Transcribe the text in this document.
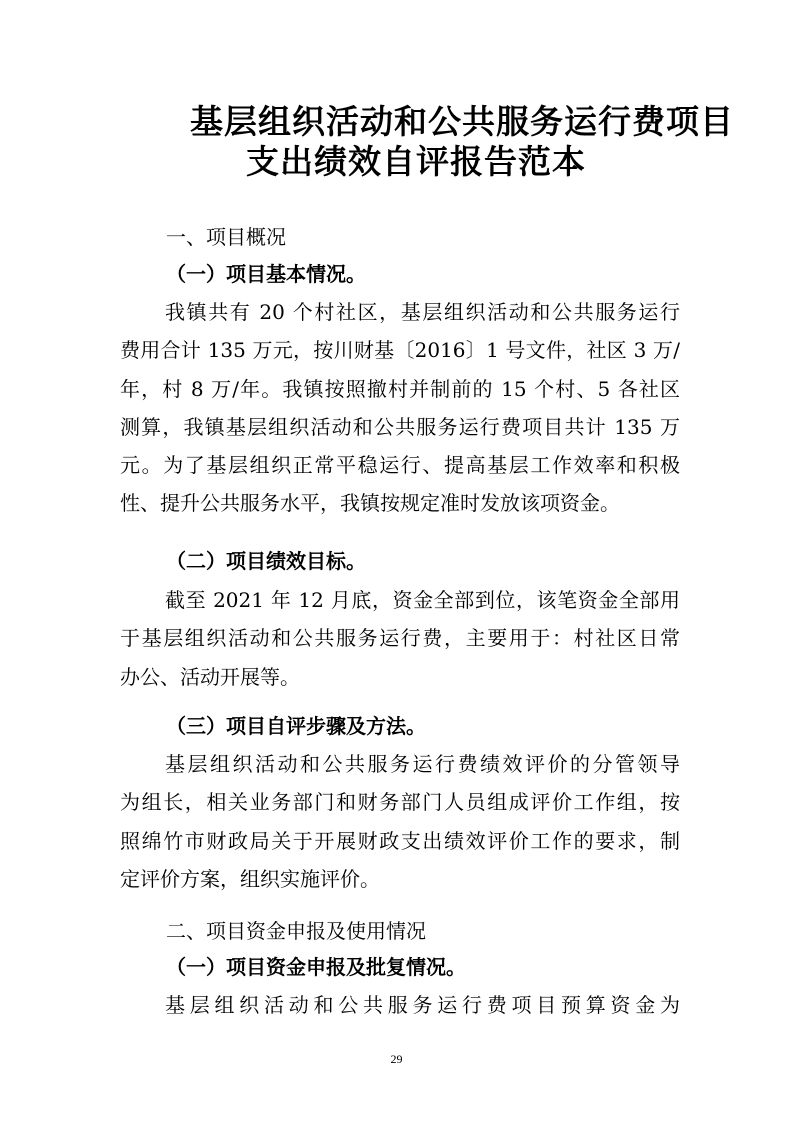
基层组织活动和公共服务运行费项目
支出绩效自评报告范本
一、项目概况
（一）项目基本情况。
我镇共有 20 个村社区，基层组织活动和公共服务运行
费用合计 135 万元，按川财基〔2016〕1 号文件，社区 3 万/
年，村 8 万/年。我镇按照撤村并制前的 15 个村、5 各社区
测算，我镇基层组织活动和公共服务运行费项目共计 135 万
元。为了基层组织正常平稳运行、提高基层工作效率和积极
性、提升公共服务水平，我镇按规定准时发放该项资金。
（二）项目绩效目标。
截至 2021 年 12 月底，资金全部到位，该笔资金全部用
于基层组织活动和公共服务运行费，主要用于：村社区日常
办公、活动开展等。
（三）项目自评步骤及方法。
基层组织活动和公共服务运行费绩效评价的分管领导
为组长，相关业务部门和财务部门人员组成评价工作组，按
照绵竹市财政局关于开展财政支出绩效评价工作的要求，制
定评价方案，组织实施评价。
二、项目资金申报及使用情况
（一）项目资金申报及批复情况。
基层组织活动和公共服务运行费项目预算资金为
29
